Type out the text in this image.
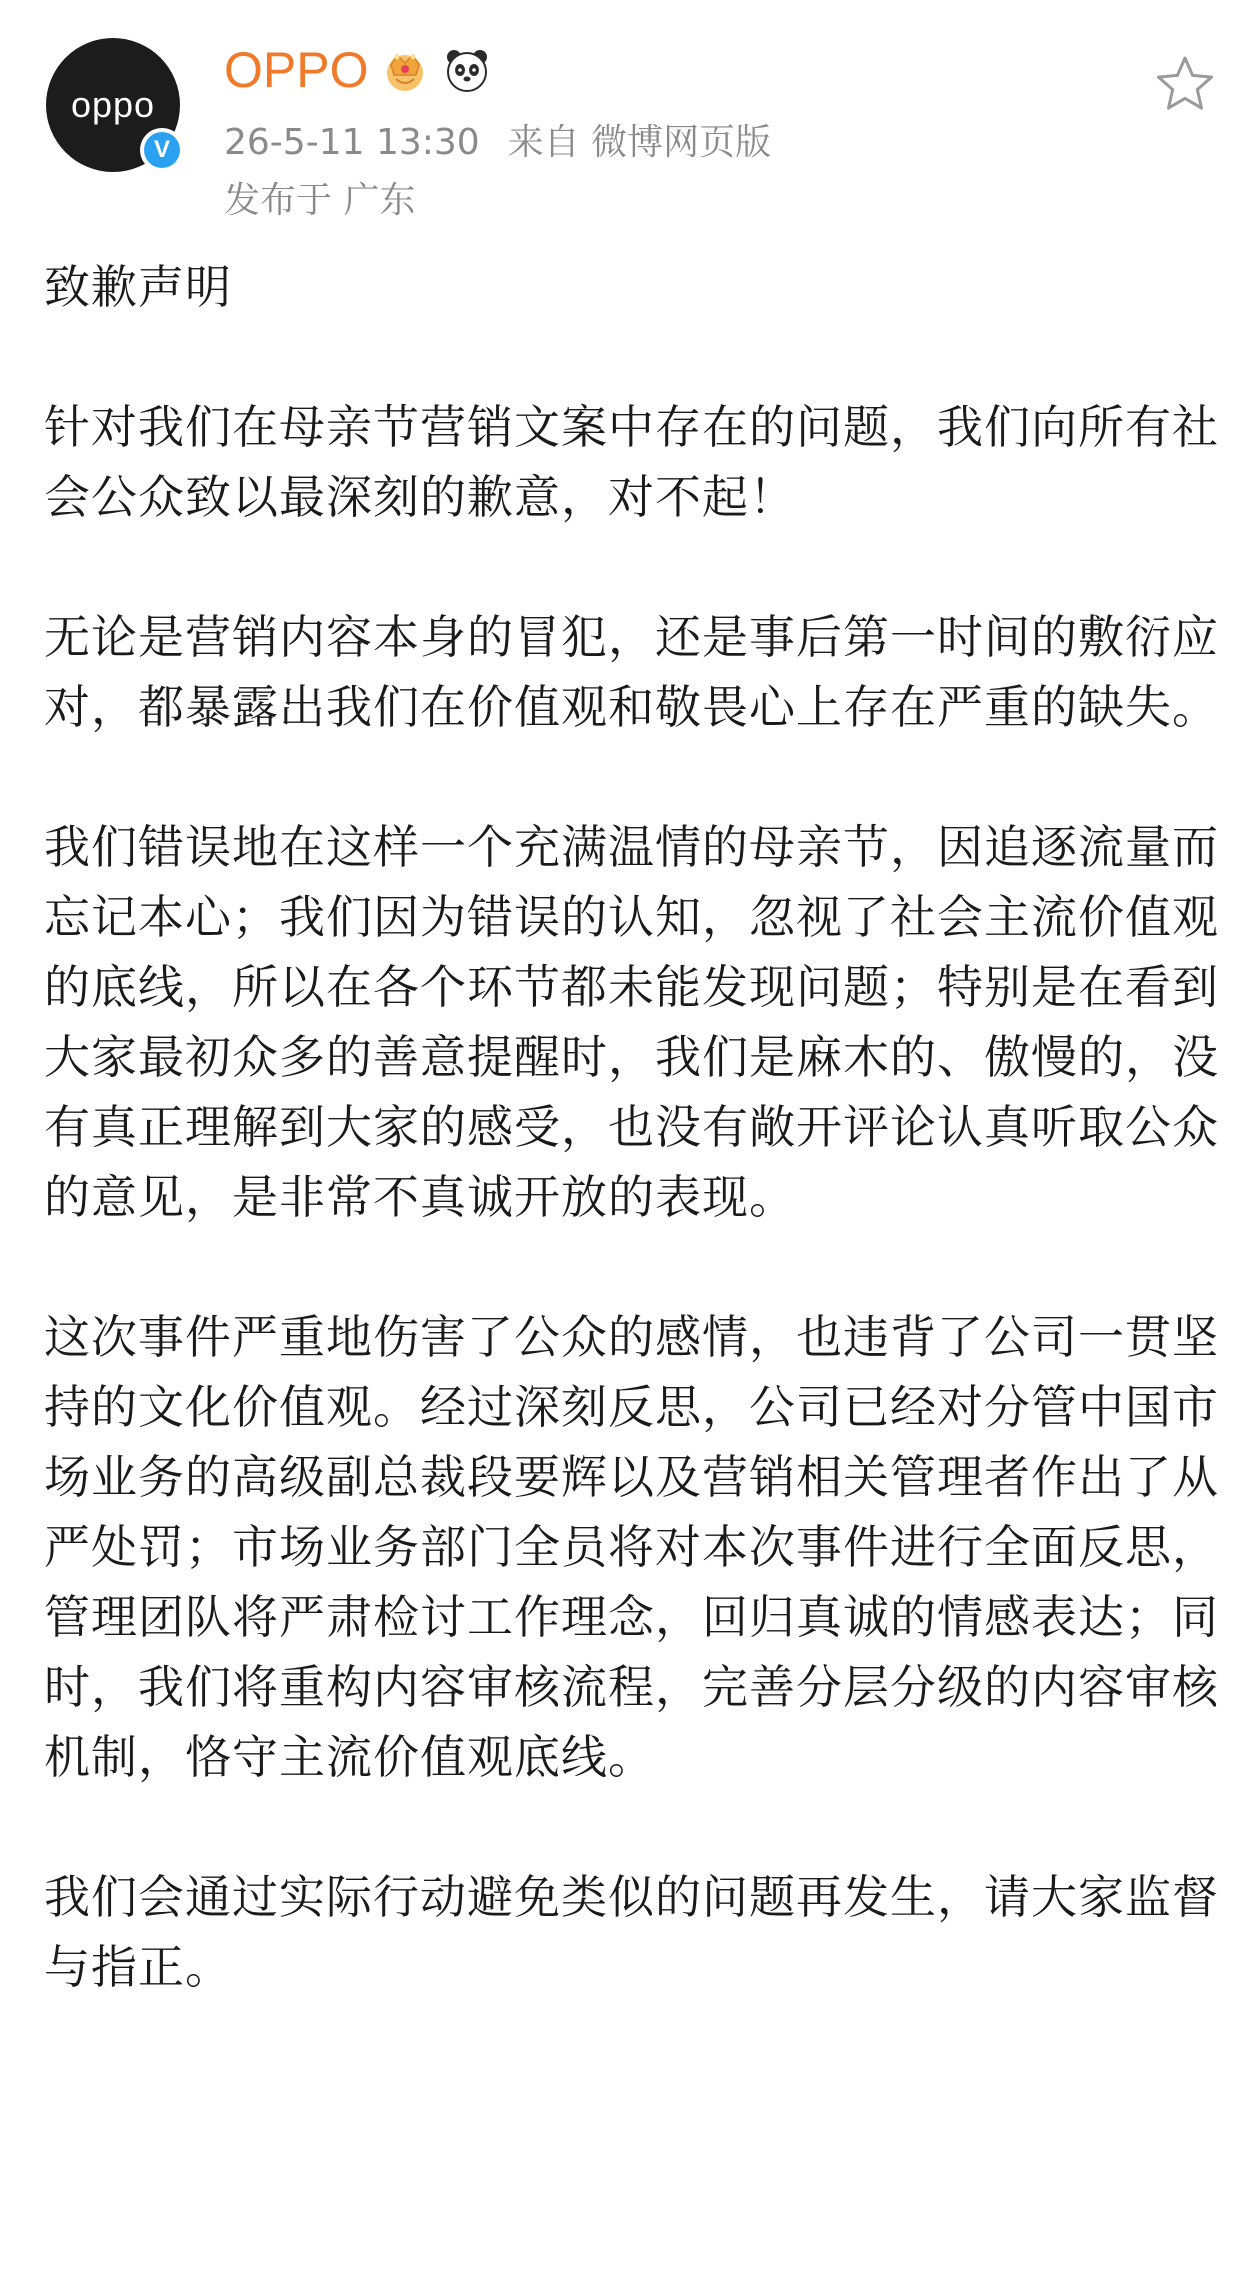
oppo
V
OPPO
26-5-11 13:30 来自 微博网页版
发布于 广东

致歉声明

针对我们在母亲节营销文案中存在的问题，我们向所有社会公众致以最深刻的歉意，对不起！

无论是营销内容本身的冒犯，还是事后第一时间的敷衍应对，都暴露出我们在价值观和敬畏心上存在严重的缺失。

我们错误地在这样一个充满温情的母亲节，因追逐流量而忘记本心；我们因为错误的认知，忽视了社会主流价值观的底线，所以在各个环节都未能发现问题；特别是在看到大家最初众多的善意提醒时，我们是麻木的、傲慢的，没有真正理解到大家的感受，也没有敞开评论认真听取公众的意见，是非常不真诚开放的表现。

这次事件严重地伤害了公众的感情，也违背了公司一贯坚持的文化价值观。经过深刻反思，公司已经对分管中国市场业务的高级副总裁段要辉以及营销相关管理者作出了从严处罚；市场业务部门全员将对本次事件进行全面反思，管理团队将严肃检讨工作理念，回归真诚的情感表达；同时，我们将重构内容审核流程，完善分层分级的内容审核机制，恪守主流价值观底线。

我们会通过实际行动避免类似的问题再发生，请大家监督与指正。
